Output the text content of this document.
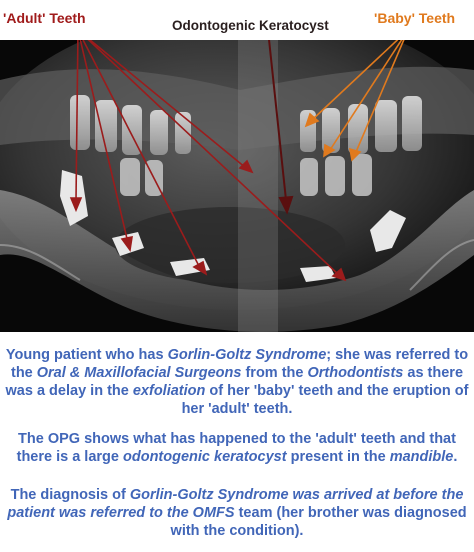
'Adult' Teeth	Odontogenic Keratocyst	'Baby' Teeth

Young patient who has Gorlin-Goltz Syndrome; she was referred to the Oral & Maxillofacial Surgeons from the Orthodontists as there was a delay in the exfoliation of her 'baby' teeth and the eruption of her 'adult' teeth.

The OPG shows what has happened to the 'adult' teeth and that there is a large odontogenic keratocyst present in the mandible.

The diagnosis of Gorlin-Goltz Syndrome was arrived at before the patient was referred to the OMFS team (her brother was diagnosed with the condition).
